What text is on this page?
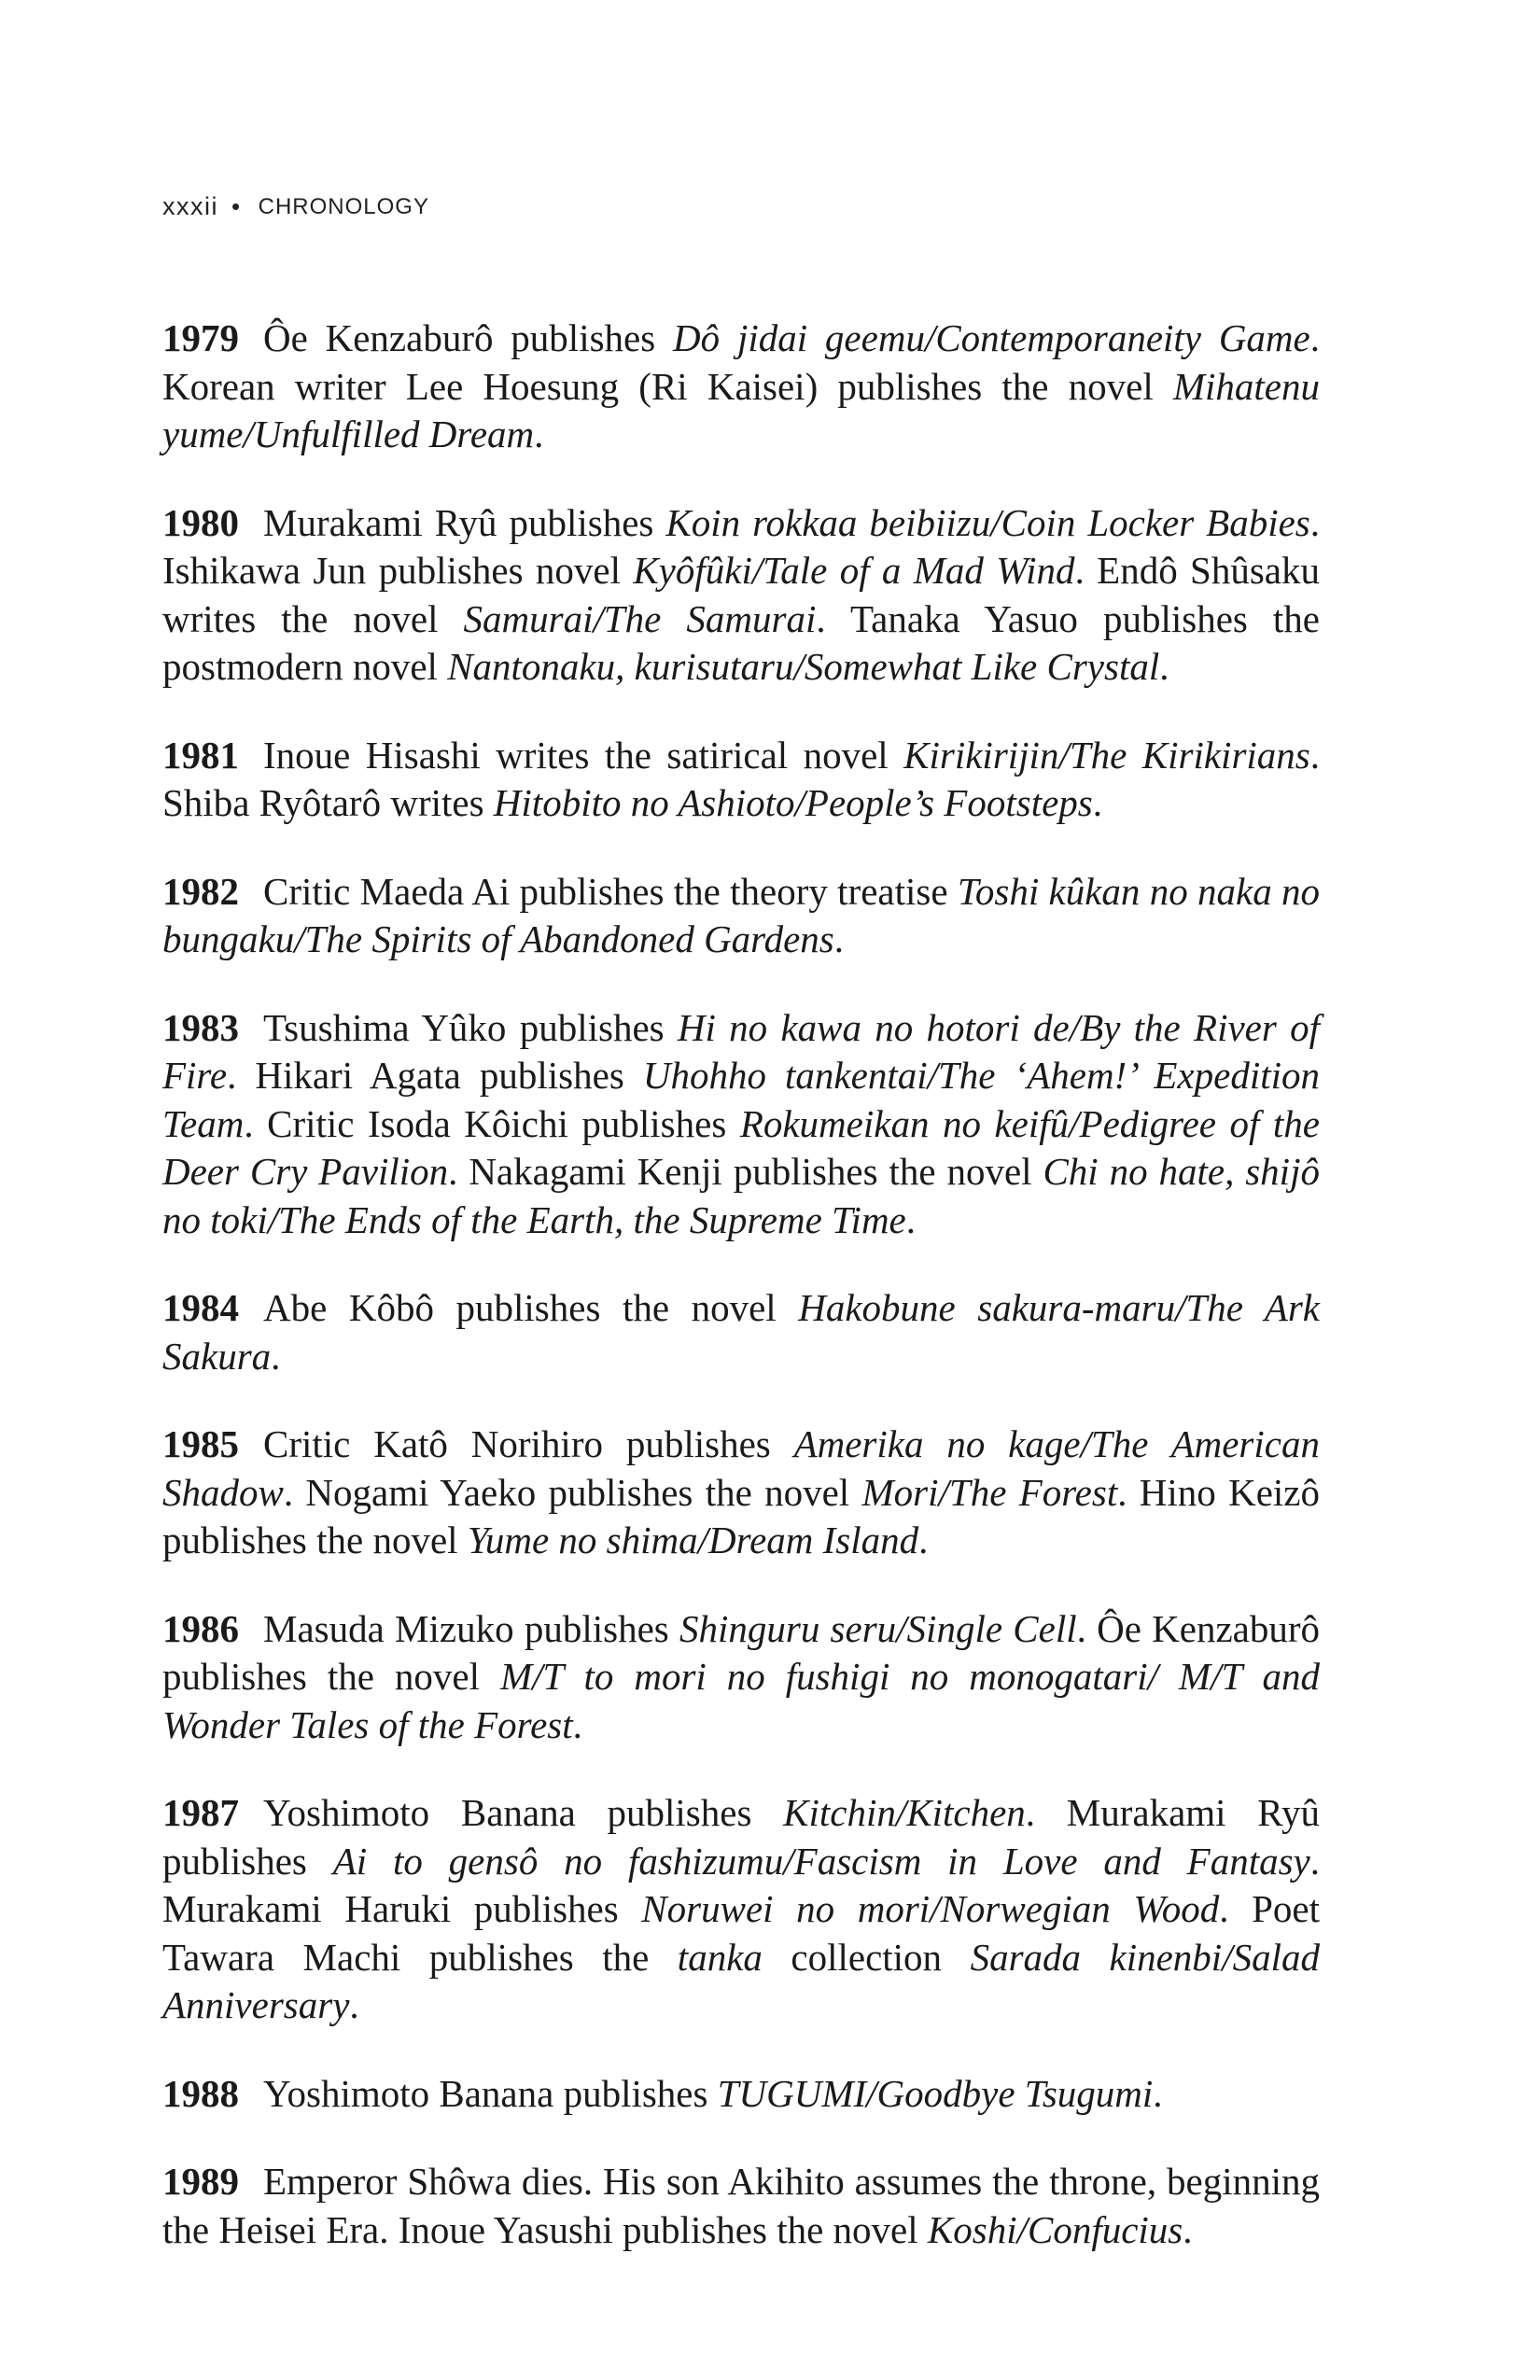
xxxii • CHRONOLOGY

1979 Ôe Kenzaburô publishes Dô jidai geemu/Contemporaneity Game. Korean writer Lee Hoesung (Ri Kaisei) publishes the novel Mihatenu yume/Unfulfilled Dream.

1980 Murakami Ryû publishes Koin rokkaa beibiizu/Coin Locker Babies. Ishikawa Jun publishes novel Kyôfûki/Tale of a Mad Wind. Endô Shûsaku writes the novel Samurai/The Samurai. Tanaka Yasuo publishes the postmodern novel Nantonaku, kurisutaru/Somewhat Like Crystal.

1981 Inoue Hisashi writes the satirical novel Kirikirijin/The Kirikirians. Shiba Ryôtarô writes Hitobito no Ashioto/People’s Footsteps.

1982 Critic Maeda Ai publishes the theory treatise Toshi kûkan no naka no bungaku/The Spirits of Abandoned Gardens.

1983 Tsushima Yûko publishes Hi no kawa no hotori de/By the River of Fire. Hikari Agata publishes Uhohho tankentai/The ‘Ahem!’ Expedition Team. Critic Isoda Kôichi publishes Rokumeikan no keifû/Pedigree of the Deer Cry Pavilion. Nakagami Kenji publishes the novel Chi no hate, shijô no toki/The Ends of the Earth, the Supreme Time.

1984 Abe Kôbô publishes the novel Hakobune sakura-maru/The Ark Sakura.

1985 Critic Katô Norihiro publishes Amerika no kage/The American Shadow. Nogami Yaeko publishes the novel Mori/The Forest. Hino Keizô publishes the novel Yume no shima/Dream Island.

1986 Masuda Mizuko publishes Shinguru seru/Single Cell. Ôe Kenzaburô publishes the novel M/T to mori no fushigi no monogatari/ M/T and Wonder Tales of the Forest.

1987 Yoshimoto Banana publishes Kitchin/Kitchen. Murakami Ryû publishes Ai to gensô no fashizumu/Fascism in Love and Fantasy. Murakami Haruki publishes Noruwei no mori/Norwegian Wood. Poet Tawara Machi publishes the tanka collection Sarada kinenbi/Salad Anniversary.

1988 Yoshimoto Banana publishes TUGUMI/Goodbye Tsugumi.

1989 Emperor Shôwa dies. His son Akihito assumes the throne, beginning the Heisei Era. Inoue Yasushi publishes the novel Koshi/Confucius.
